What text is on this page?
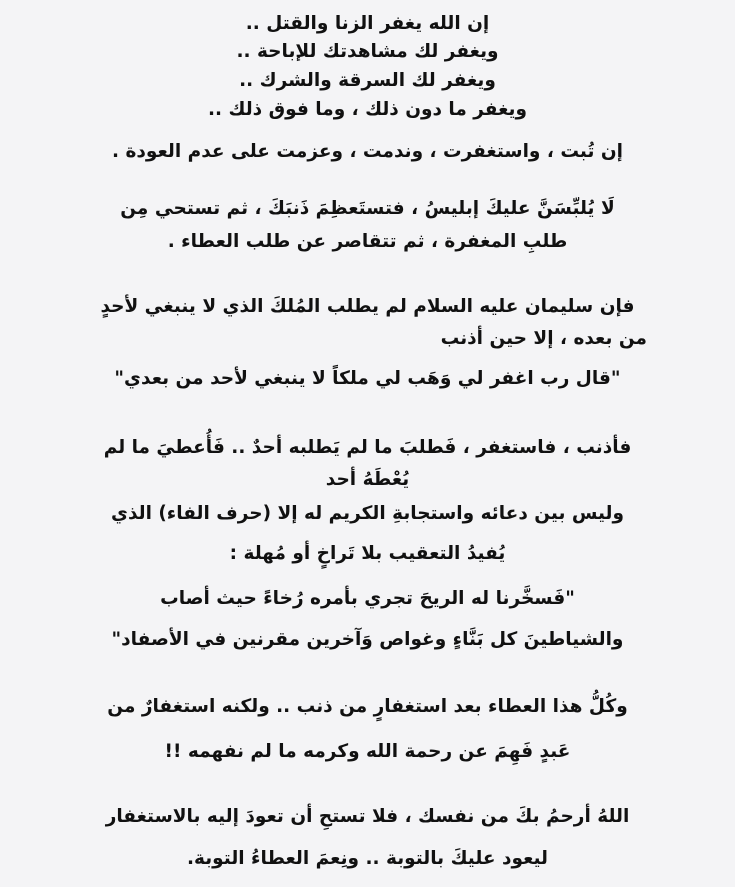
إن الله يغفر الزنا والقتل ..
ويغفر لك مشاهدتك للإباحة ..
ويغفر لك السرقة والشرك ..
ويغفر ما دون ذلك ، وما فوق ذلك ..
إن تُبت ، واستغفرت ، وندمت ، وعزمت على عدم العودة .
لَا يُلبِّسَنَّ عليكَ إبليسُ ، فتستَعظِمَ ذَنبَكَ ، ثم تستحي مِن
طلبِ المغفرة ، ثم تتقاصر عن طلب العطاء .
فإن سليمان عليه السلام لم يطلب المُلكَ الذي لا ينبغي لأحدٍ
من بعده ، إلا حين أذنب
"قال رب اغفر لي وَهَب لي ملكاً لا ينبغي لأحد من بعدي"
فأذنب ، فاستغفر ، فَطلبَ ما لم يَطلبه أحدٌ .. فَأُعطيَ ما لم
يُعْطَهُ أحد
وليس بين دعائه واستجابةِ الكريم له إلا (حرف الفاء) الذي
يُفيدُ التعقيب بلا تَراخٍ أو مُهلة :
"فَسخَّرنا له الريحَ تجري بأمره رُخاءً حيث أصاب
والشياطينَ كل بَنَّاءٍ وغواص وَآخرين مقرنين في الأصفاد"
وكُلُّ هذا العطاء بعد استغفارٍ من ذنب .. ولكنه استغفارٌ من
عَبدٍ فَهِمَ عن رحمة الله وكرمه ما لم نفهمه !!
اللهُ أرحمُ بكَ من نفسك ، فلا تستحِ أن تعودَ إليه بالاستغفار
ليعود عليكَ بالتوبة .. ونِعمَ العطاءُ التوبة.
